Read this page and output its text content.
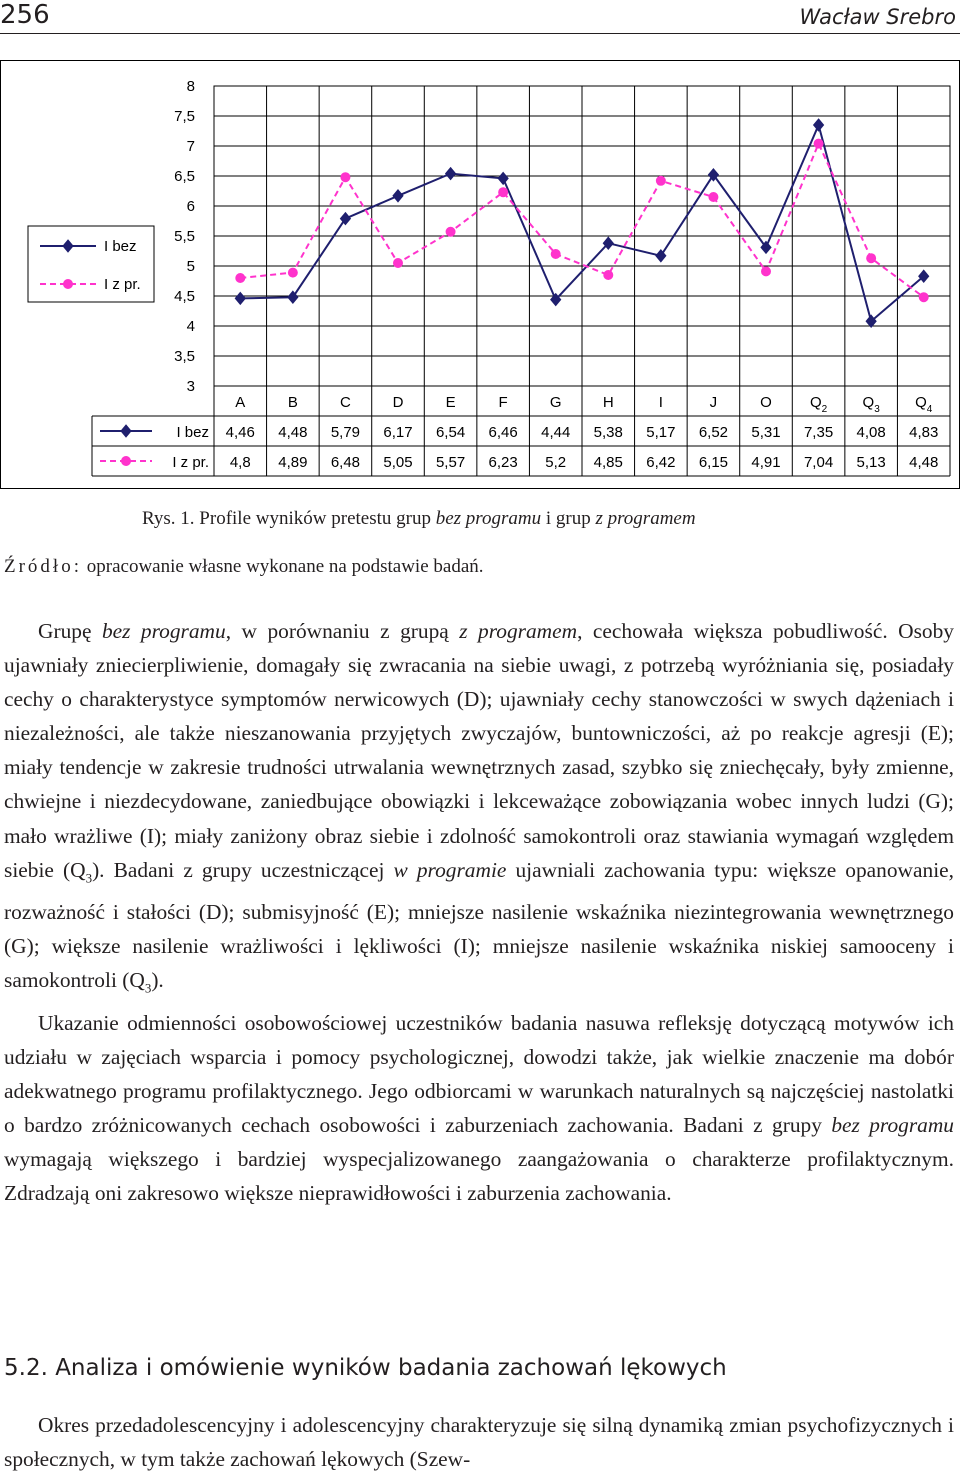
256	Wacław Srebro
8
7,5
7
6,5
6
5,5
5
4,5
4
3,5
3
A	B	C	D	E	F	G	H	I	J	O	$Q_2$ $Q_3$ $Q_4$
I bez 4,46 4,48 5,79 6,17 6,54 6,46 4,44 5,38 5,17 6,52 5,31 7,35 4,08 4,83
I bez
I z pr. 4,8 4,89 6,48 5,05 5,57 6,23 5,2 4,85 6,42 6,15 4,91 7,04 5,13 4,48
I z pr.
Rys. 1. Profile wyników pretestu grup bez programu i grup z programem
Źródło: opracowanie własne wykonane na podstawie badań.

Grupę bez programu, w porównaniu z grupą z programem, cechowała większa pobudliwość. Osoby ujawniały zniecierpliwienie, domagały się zwracania na siebie uwagi, z potrzebą wyróżniania się, posiadały cechy o charakterystyce symptomów nerwicowych (D); ujawniały cechy stanowczości w swych dążeniach i niezależności, ale także nieszanowania przyjętych zwyczajów, buntowniczości, aż po reakcje agresji (E); miały tendencje w zakresie trudności utrwalania wewnętrznych zasad, szybko się zniechęcały, były zmienne, chwiejne i niezdecydowane, zaniedbujące obowiązki i lekceważące zobowiązania wobec innych ludzi (G); mało wrażliwe (I); miały zaniżony obraz siebie i zdolność samokontroli oraz stawiania wymagań względem siebie $(Q_3)$. Badani z grupy uczestniczącej w programie ujawniali zachowania typu: większe opanowanie, rozważność i stałości (D); submisyjność (E); mniejsze nasilenie wskaźnika niezintegrowania wewnętrznego (G); większe nasilenie wrażliwości i lękliwości (I); mniejsze nasilenie wskaźnika niskiej samooceny i samokontroli $(Q_3)$.

Ukazanie odmienności osobowościowej uczestników badania nasuwa refleksję dotyczącą motywów ich udziału w zajęciach wsparcia i pomocy psychologicznej, dowodzi także, jak wielkie znaczenie ma dobór adekwatnego programu profilaktycznego. Jego odbiorcami w warunkach naturalnych są najczęściej nastolatki o bardzo zróżnicowanych cechach osobowości i zaburzeniach zachowania. Badani z grupy bez programu wymagają większego i bardziej wyspecjalizowanego zaangażowania o charakterze profilaktycznym. Zdradzają oni zakresowo większe nieprawidłowości i zaburzenia zachowania.

5.2. Analiza i omówienie wyników badania zachowań lękowych

Okres przedadolescencyjny i adolescencyjny charakteryzuje się silną dynamiką zmian psychofizycznych i społecznych, w tym także zachowań lękowych (Szew-
